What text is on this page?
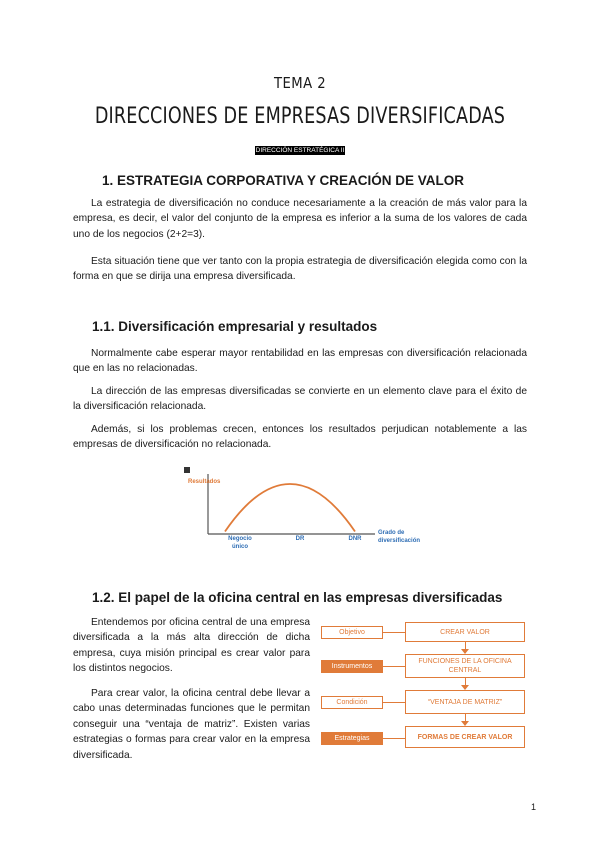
TEMA 2
DIRECCIONES DE EMPRESAS DIVERSIFICADAS
DIRECCIÓN ESTRATÉGICA II
1. ESTRATEGIA CORPORATIVA Y CREACIÓN DE VALOR

La estrategia de diversificación no conduce necesariamente a la creación de más valor para la empresa, es decir, el valor del conjunto de la empresa es inferior a la suma de los valores de cada uno de los negocios (2+2=3).

Esta situación tiene que ver tanto con la propia estrategia de diversificación elegida como con la forma en que se dirija una empresa diversificada.

1.1. Diversificación empresarial y resultados

Normalmente cabe esperar mayor rentabilidad en las empresas con diversificación relacionada que en las no relacionadas.

La dirección de las empresas diversificadas se convierte en un elemento clave para el éxito de la diversificación relacionada.

Además, si los problemas crecen, entonces los resultados perjudican notablemente a las empresas de diversificación no relacionada.

Resultados
Grado de
diversificación
Negocio
único
DR	DNR
1.2. El papel de la oficina central en las empresas diversificadas

Entendemos por oficina central de una empresa diversificada a la más alta dirección de dicha empresa, cuya misión principal es crear valor para los distintos negocios.

Para crear valor, la oficina central debe llevar a cabo unas determinadas funciones que le permitan conseguir una “ventaja de matriz”. Existen varias estrategias o formas para crear valor en la empresa diversificada.

Objetivo
Instrumentos
Condición
Estrategias
CREAR VALOR
FUNCIONES DE LA OFICINA CENTRAL
“VENTAJA DE MATRIZ”
FORMAS DE CREAR VALOR
1
